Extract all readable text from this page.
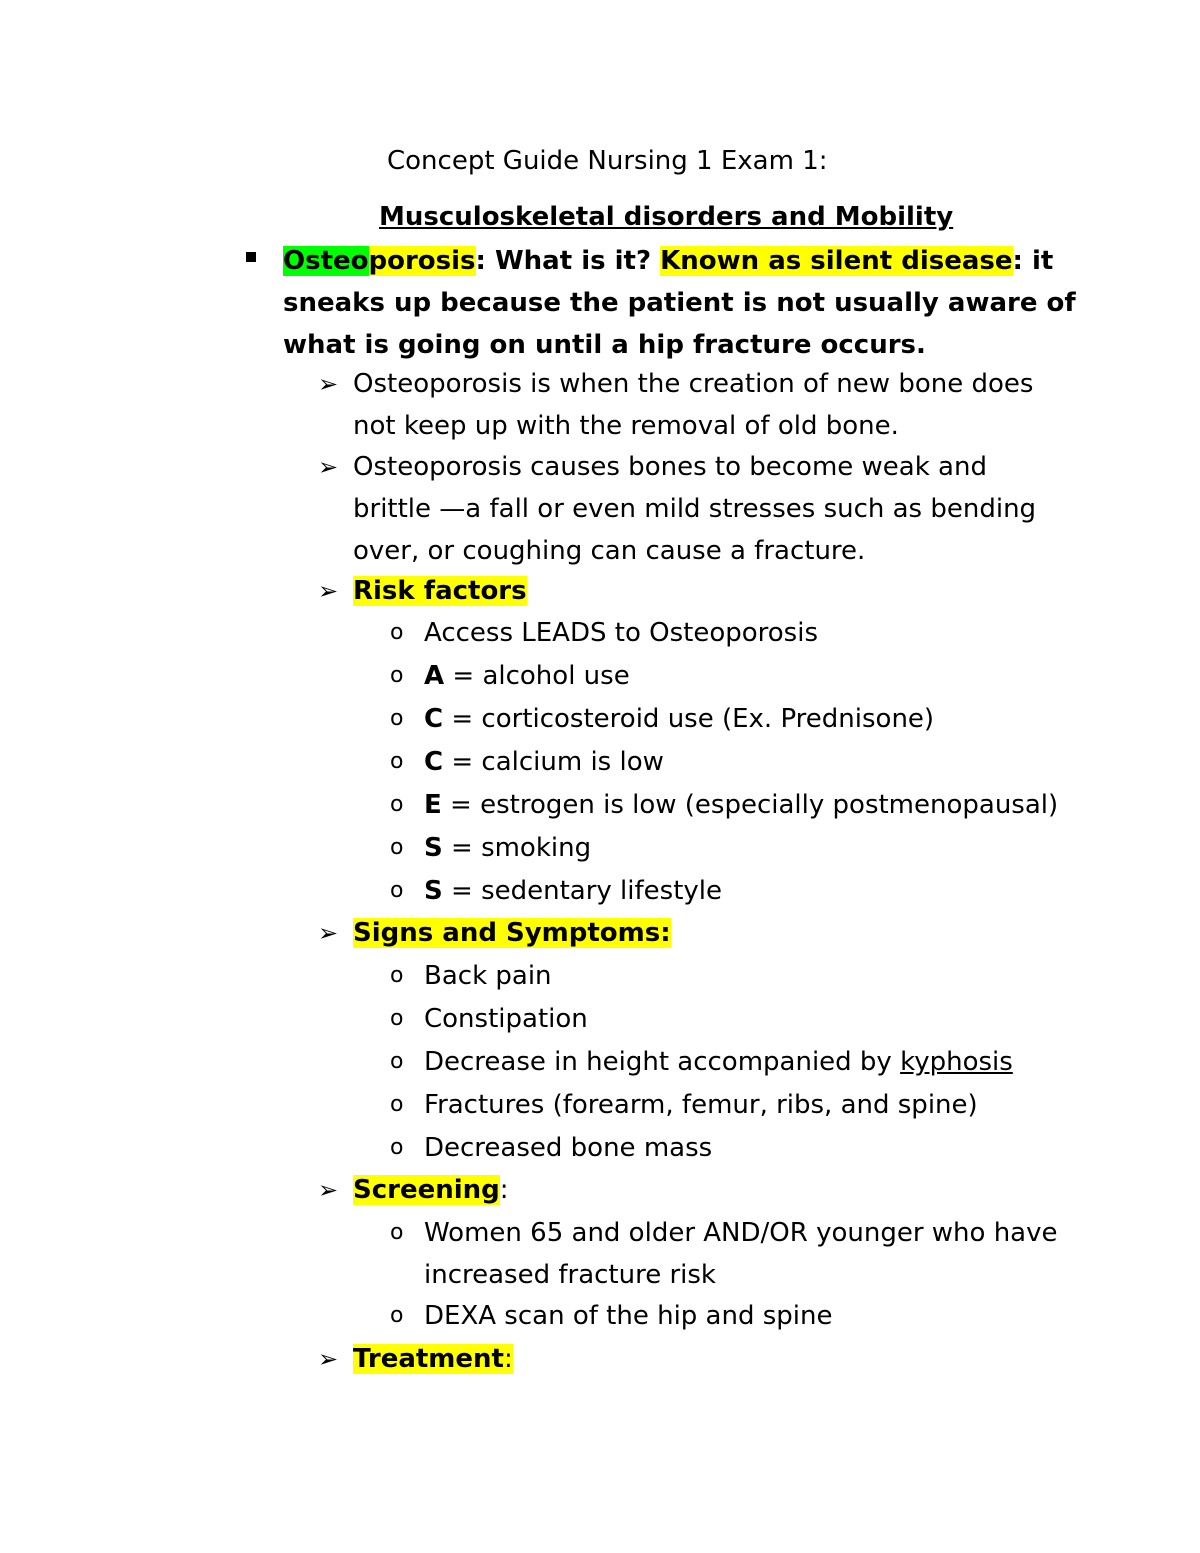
Concept Guide Nursing 1 Exam 1:
Musculoskeletal disorders and Mobility
Osteoporosis: What is it? Known as silent disease: it sneaks up because the patient is not usually aware of what is going on until a hip fracture occurs.
➢ Osteoporosis is when the creation of new bone does not keep up with the removal of old bone.
➢ Osteoporosis causes bones to become weak and brittle —a fall or even mild stresses such as bending over, or coughing can cause a fracture.
➢ Risk factors
o Access LEADS to Osteoporosis
o A = alcohol use
o C = corticosteroid use (Ex. Prednisone)
o C = calcium is low
o E = estrogen is low (especially postmenopausal)
o S = smoking
o S = sedentary lifestyle
➢ Signs and Symptoms:
o Back pain
o Constipation
o Decrease in height accompanied by kyphosis
o Fractures (forearm, femur, ribs, and spine)
o Decreased bone mass
➢ Screening:
o Women 65 and older AND/OR younger who have increased fracture risk
o DEXA scan of the hip and spine
➢ Treatment:
